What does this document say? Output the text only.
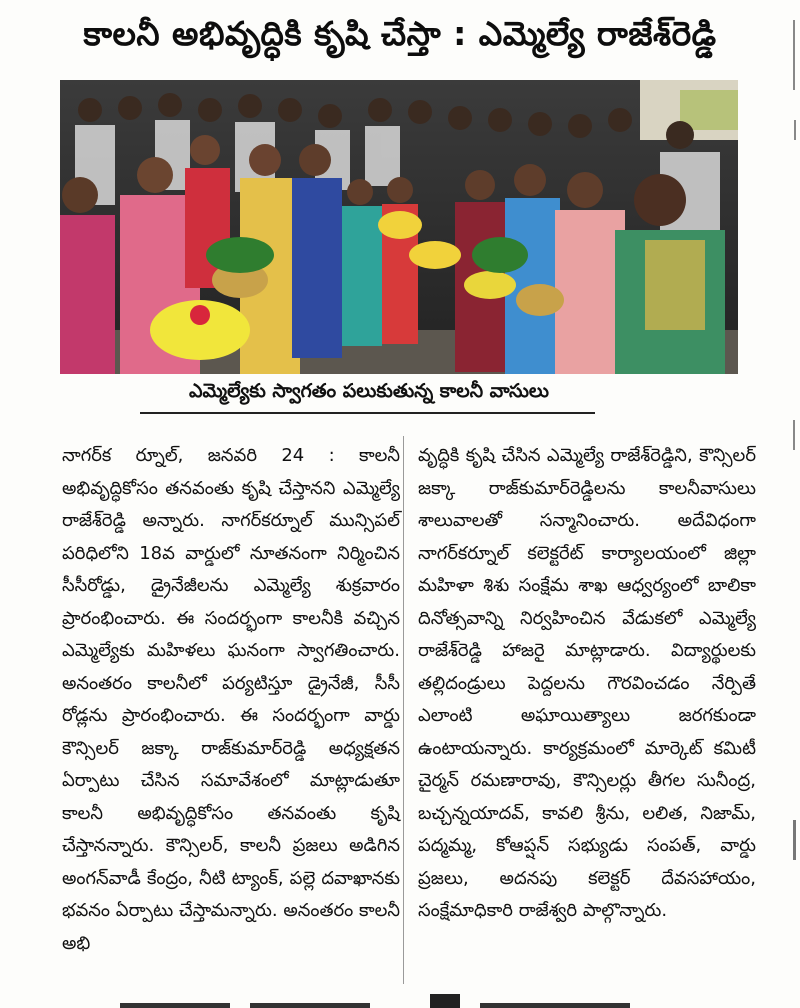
కాలనీ అభివృద్ధికి కృషి చేస్తా : ఎమ్మెల్యే రాజేశ్‌రెడ్డి
ఎమ్మెల్యేకు స్వాగతం పలుకుతున్న కాలనీ వాసులు

నాగర్‌క ర్నూల్‌, జనవరి 24 : కాలనీ అభివృద్ధికోసం తనవంతు కృషి చేస్తానని ఎమ్మెల్యే రాజేశ్‌రెడ్డి అన్నారు. నాగర్‌కర్నూల్‌ మున్సిపల్‌ పరిధిలోని 18వ వార్డులో నూతనంగా నిర్మించిన సీసీరోడ్డు, డ్రైనేజీలను ఎమ్మెల్యే శుక్రవారం ప్రారంభించారు. ఈ సందర్భంగా కాలనీకి వచ్చిన ఎమ్మెల్యేకు మహిళలు ఘనంగా స్వాగతించారు. అనంతరం కాలనీలో పర్యటిస్తూ డ్రైనేజీ, సీసీ రోడ్లను ప్రారంభించారు. ఈ సందర్భంగా వార్డు కౌన్సిలర్‌ జక్కా రాజ్‌కుమార్‌రెడ్డి అధ్యక్షతన ఏర్పాటు చేసిన సమావేశంలో మాట్లాడుతూ కాలనీ అభివృద్ధికోసం తనవంతు కృషి చేస్తానన్నారు. కౌన్సిలర్‌, కాలనీ ప్రజలు అడిగిన అంగన్‌వాడీ కేంద్రం, నీటి ట్యాంక్‌, పల్లె దవాఖానకు భవనం ఏర్పాటు చేస్తామన్నారు. అనంతరం కాలనీ అభి

వృద్ధికి కృషి చేసిన ఎమ్మెల్యే రాజేశ్‌రెడ్డిని, కౌన్సిలర్‌ జక్కా రాజ్‌కుమార్‌రెడ్డిలను కాలనీవాసులు శాలువాలతో సన్మానించారు. అదేవిధంగా నాగర్‌కర్నూల్‌ కలెక్టరేట్‌ కార్యాలయంలో జిల్లా మహిళా శిశు సంక్షేమ శాఖ ఆధ్వర్యంలో బాలికా దినోత్సవాన్ని నిర్వహించిన వేడుకలో ఎమ్మెల్యే రాజేశ్‌రెడ్డి హాజరై మాట్లాడారు. విద్యార్థులకు తల్లిదండ్రులు పెద్దలను గౌరవించడం నేర్పితే ఎలాంటి అఘాయిత్యాలు జరగకుండా ఉంటాయన్నారు. కార్యక్రమంలో మార్కెట్‌ కమిటీ చైర్మన్‌ రమణారావు, కౌన్సిలర్లు తీగల సునీంద్ర, బచ్చన్నయాదవ్‌, కావలి శ్రీను, లలిత, నిజామ్‌, పద్మమ్మ, కోఆప్షన్‌ సభ్యుడు సంపత్‌, వార్డు ప్రజలు, అదనపు కలెక్టర్‌ దేవసహాయం, సంక్షేమాధికారి రాజేశ్వరి పాల్గొన్నారు.
